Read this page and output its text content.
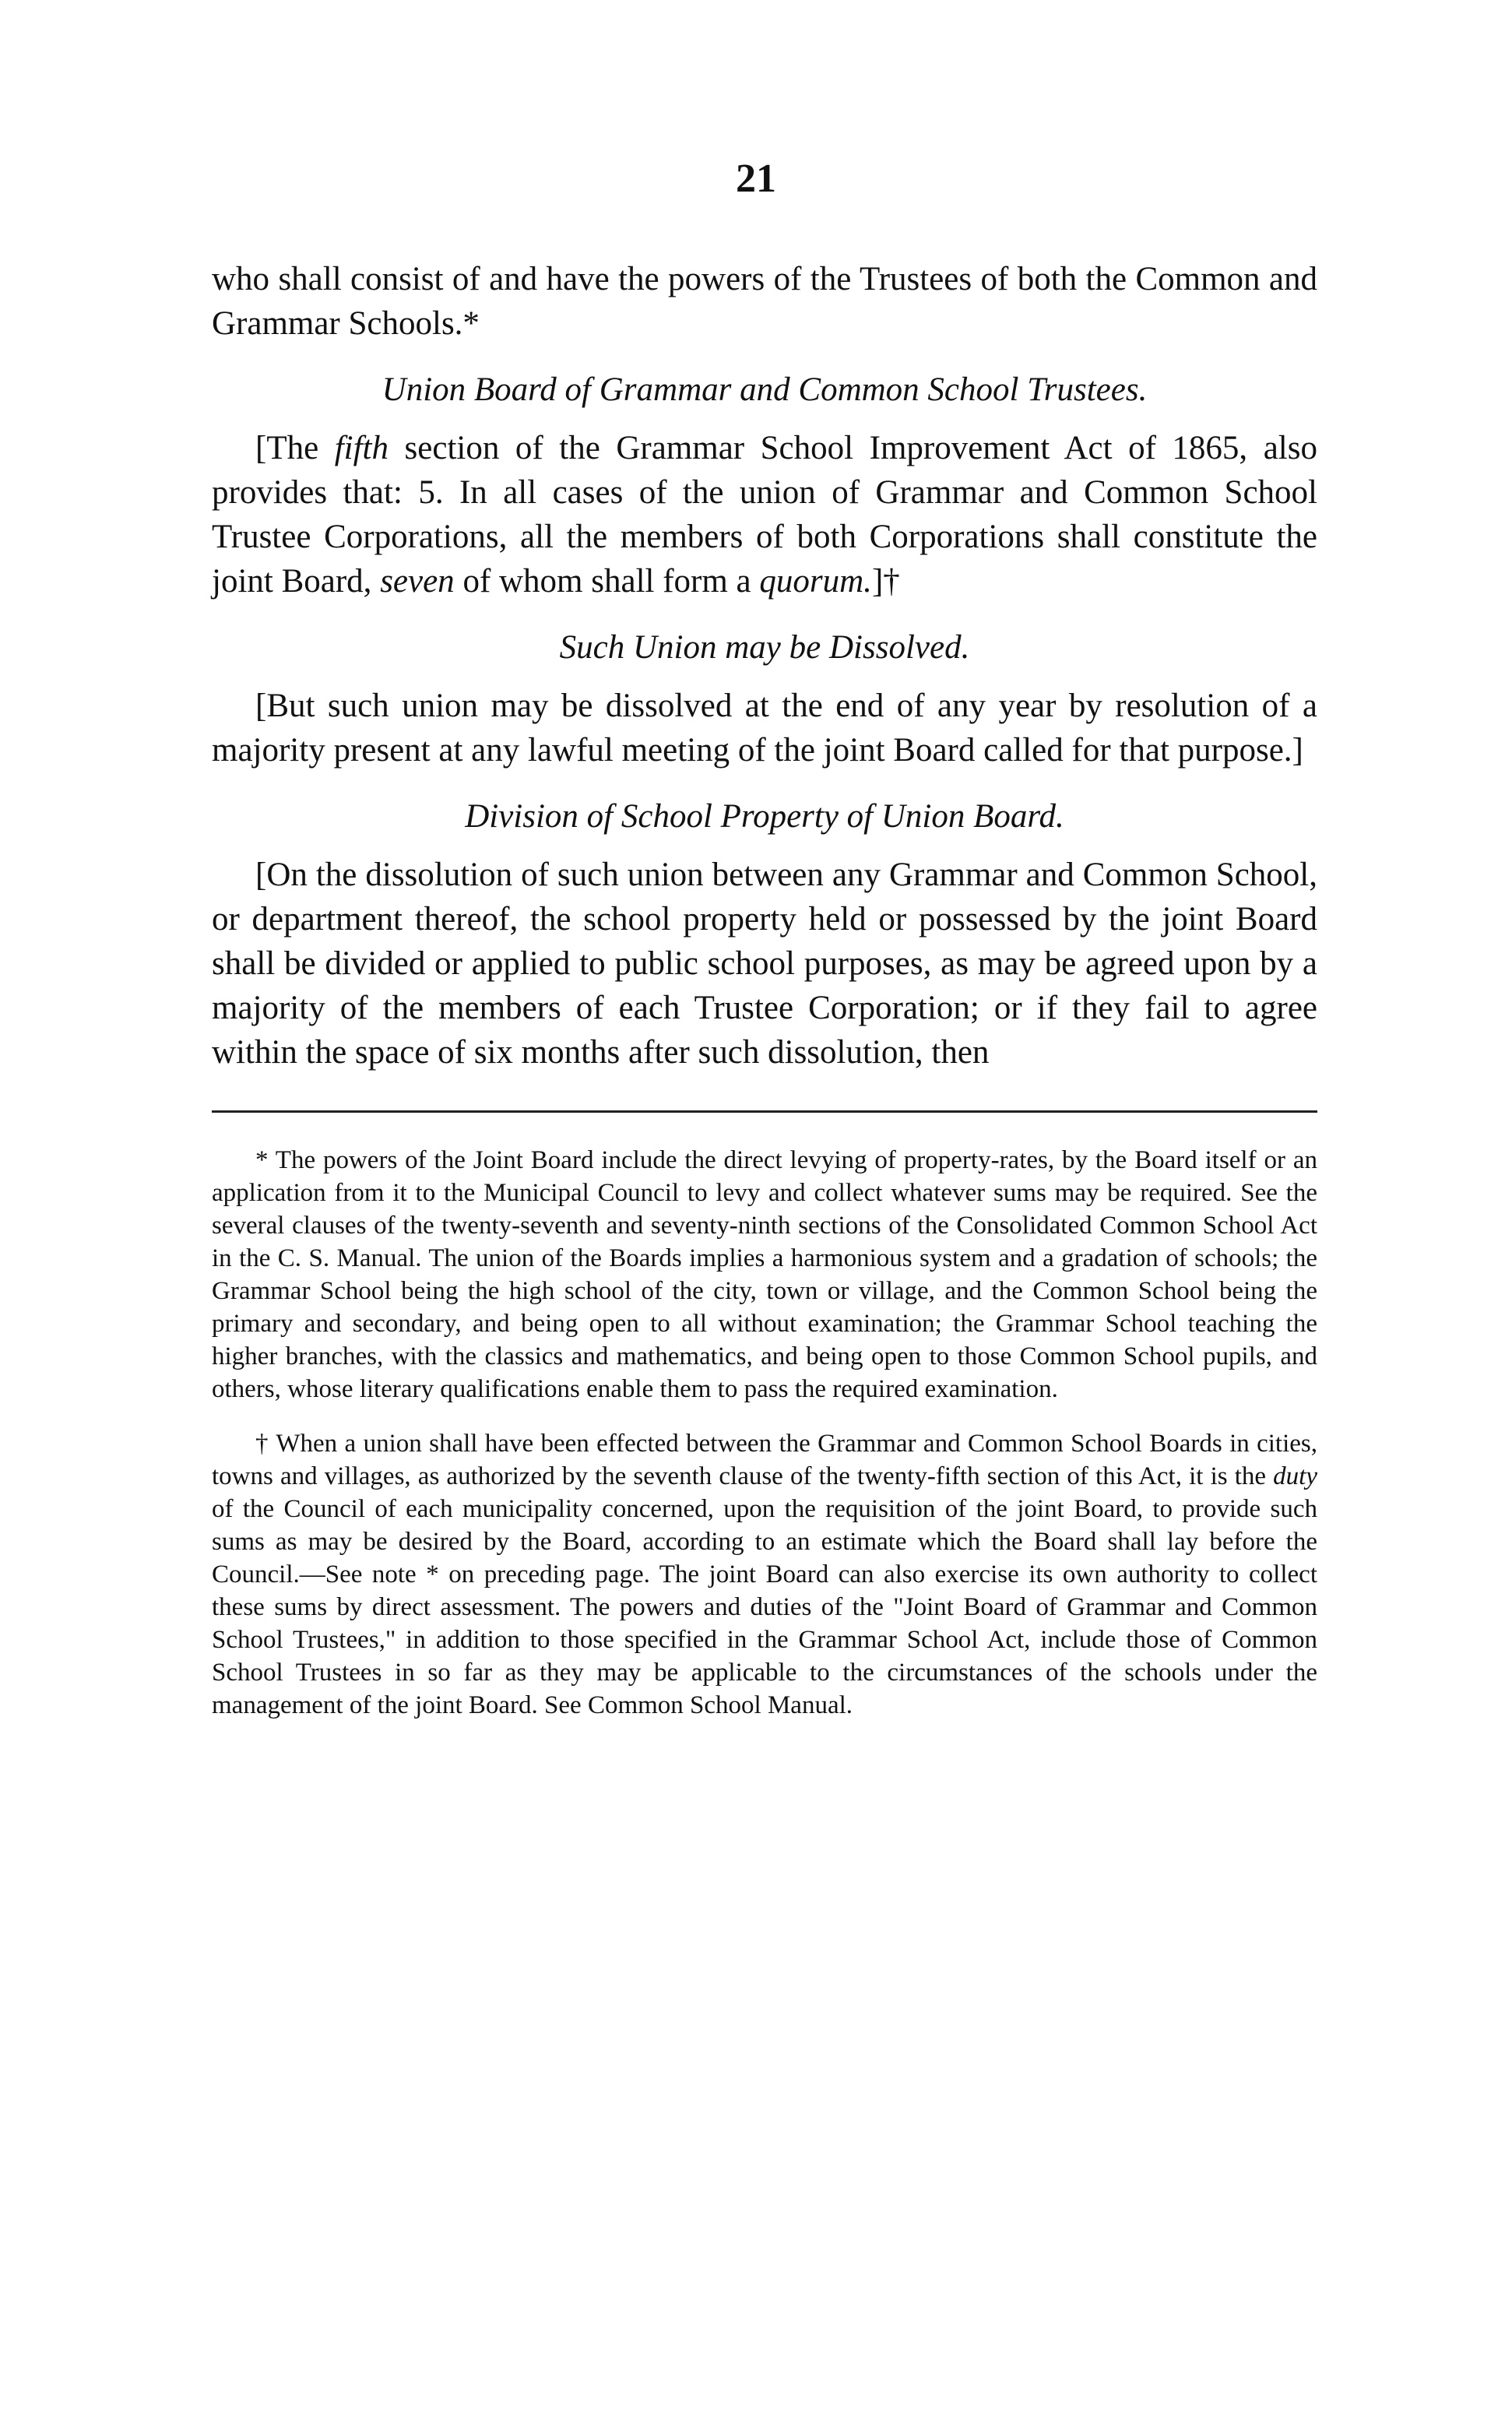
21

who shall consist of and have the powers of the Trustees of both the Common and Grammar Schools.*

Union Board of Grammar and Common School Trustees.

[The fifth section of the Grammar School Improvement Act of 1865, also provides that: 5. In all cases of the union of Grammar and Common School Trustee Corporations, all the members of both Corporations shall constitute the joint Board, seven of whom shall form a quorum.]†

Such Union may be Dissolved.

[But such union may be dissolved at the end of any year by resolution of a majority present at any lawful meeting of the joint Board called for that purpose.]

Division of School Property of Union Board.

[On the dissolution of such union between any Grammar and Common School, or department thereof, the school property held or possessed by the joint Board shall be divided or applied to public school purposes, as may be agreed upon by a majority of the members of each Trustee Corporation; or if they fail to agree within the space of six months after such dissolution, then

* The powers of the Joint Board include the direct levying of property-rates, by the Board itself or an application from it to the Municipal Council to levy and collect whatever sums may be required. See the several clauses of the twenty-seventh and seventy-ninth sections of the Consolidated Common School Act in the C. S. Manual. The union of the Boards implies a harmonious system and a gradation of schools; the Grammar School being the high school of the city, town or village, and the Common School being the primary and secondary, and being open to all without examination; the Grammar School teaching the higher branches, with the classics and mathematics, and being open to those Common School pupils, and others, whose literary qualifications enable them to pass the required examination.

† When a union shall have been effected between the Grammar and Common School Boards in cities, towns and villages, as authorized by the seventh clause of the twenty-fifth section of this Act, it is the duty of the Council of each municipality concerned, upon the requisition of the joint Board, to provide such sums as may be desired by the Board, according to an estimate which the Board shall lay before the Council.—See note * on preceding page. The joint Board can also exercise its own authority to collect these sums by direct assessment. The powers and duties of the "Joint Board of Grammar and Common School Trustees," in addition to those specified in the Grammar School Act, include those of Common School Trustees in so far as they may be applicable to the circumstances of the schools under the management of the joint Board. See Common School Manual.
